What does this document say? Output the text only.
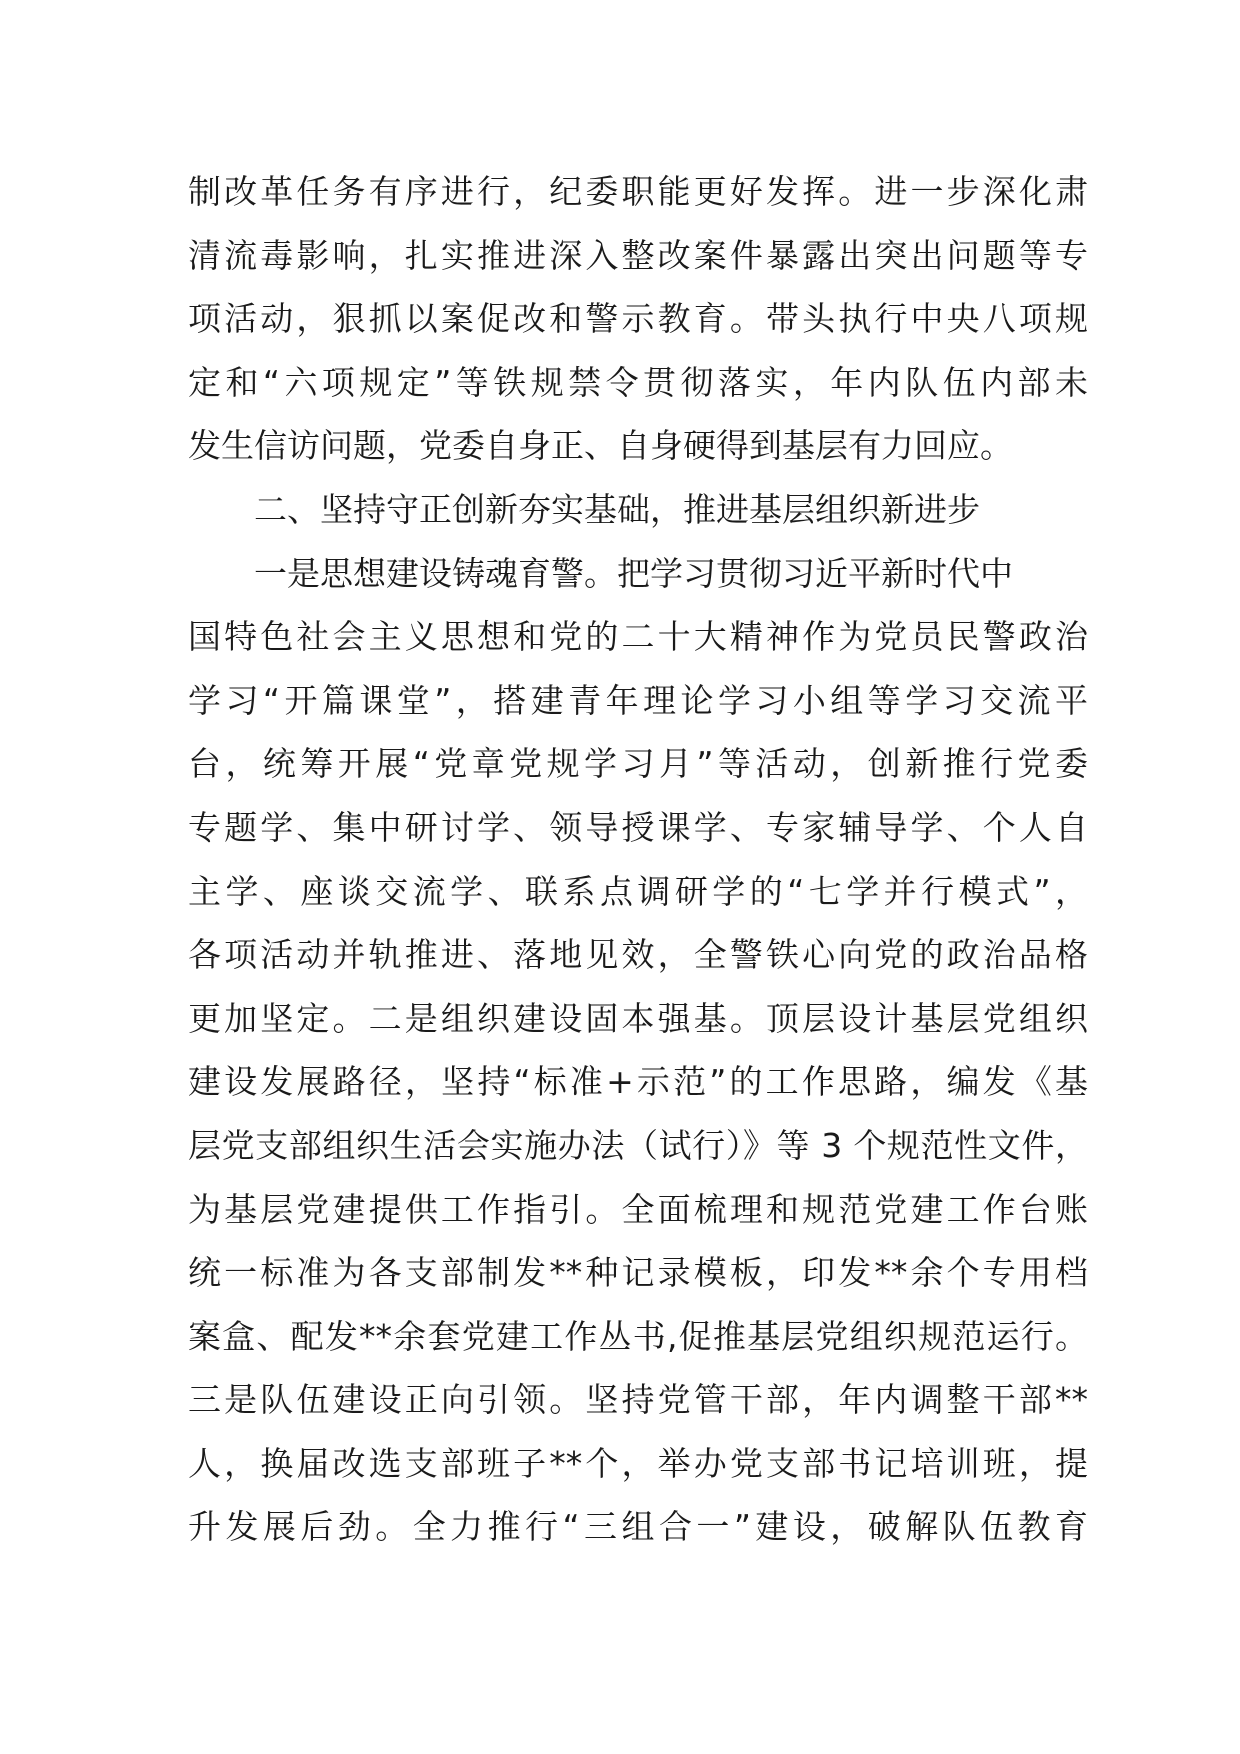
制改革任务有序进行，纪委职能更好发挥。进一步深化肃
清流毒影响，扎实推进深入整改案件暴露出突出问题等专
项活动，狠抓以案促改和警示教育。带头执行中央八项规
定和“六项规定”等铁规禁令贯彻落实，年内队伍内部未
发生信访问题，党委自身正、自身硬得到基层有力回应。
二、坚持守正创新夯实基础，推进基层组织新进步
一是思想建设铸魂育警。把学习贯彻习近平新时代中
国特色社会主义思想和党的二十大精神作为党员民警政治
学习“开篇课堂”，搭建青年理论学习小组等学习交流平
台，统筹开展“党章党规学习月”等活动，创新推行党委
专题学、集中研讨学、领导授课学、专家辅导学、个人自
主学、座谈交流学、联系点调研学的“七学并行模式”，
各项活动并轨推进、落地见效，全警铁心向党的政治品格
更加坚定。二是组织建设固本强基。顶层设计基层党组织
建设发展路径，坚持“标准+示范”的工作思路，编发《基
层党支部组织生活会实施办法（试行）》等 3 个规范性文件，
为基层党建提供工作指引。全面梳理和规范党建工作台账
统一标准为各支部制发**种记录模板，印发**余个专用档
案盒、配发**余套党建工作丛书,促推基层党组织规范运行。
三是队伍建设正向引领。坚持党管干部，年内调整干部**
人，换届改选支部班子**个，举办党支部书记培训班，提
升发展后劲。全力推行“三组合一”建设，破解队伍教育
